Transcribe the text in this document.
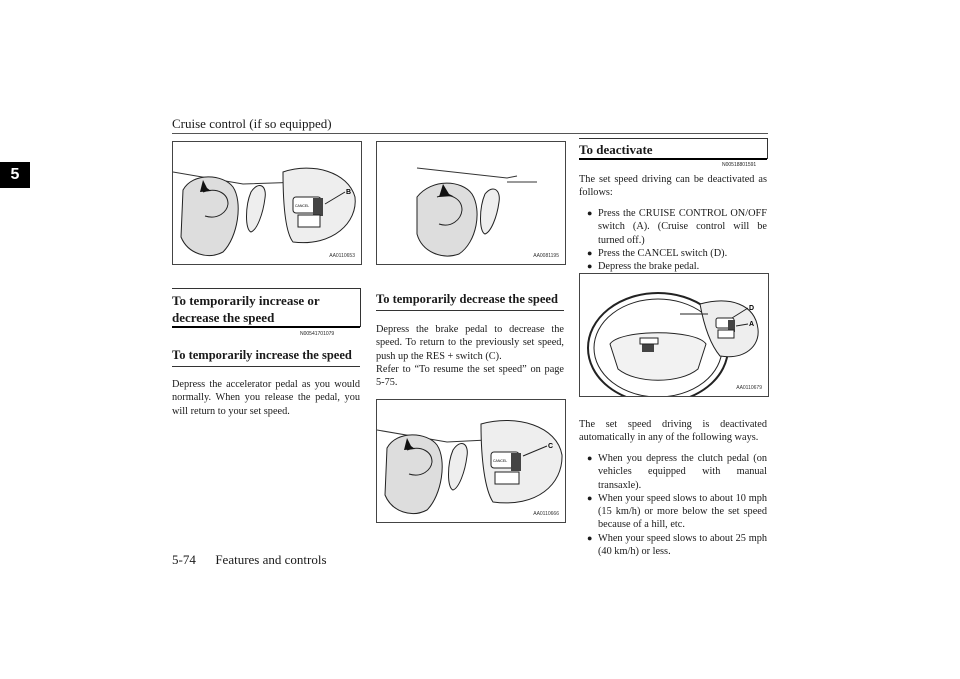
Cruise control (if so equipped)
5
B
CANCEL
AA0110653

To temporarily increase or decrease the speed

N00541701079
To temporarily increase the speed
Depress the accelerator pedal as you would normally. When you release the pedal, you will return to your set speed.
AA0081195
To temporarily decrease the speed
Depress the brake pedal to decrease the speed. To return to the previously set speed, push up the RES + switch (C).
Refer to “To resume the set speed” on page 5-75.
C
CANCEL
AA0110666

To deactivate

N00518801591
The set speed driving can be deactivated as follows:
● Press the CRUISE CONTROL ON/OFF switch (A). (Cruise control will be turned off.)
● Press the CANCEL switch (D).
● Depress the brake pedal.
D
A
AA0110679
The set speed driving is deactivated automatically in any of the following ways.
● When you depress the clutch pedal (on vehicles equipped with manual transaxle).
● When your speed slows to about 10 mph (15 km/h) or more below the set speed because of a hill, etc.
● When your speed slows to about 25 mph (40 km/h) or less.
5-74      Features and controls
